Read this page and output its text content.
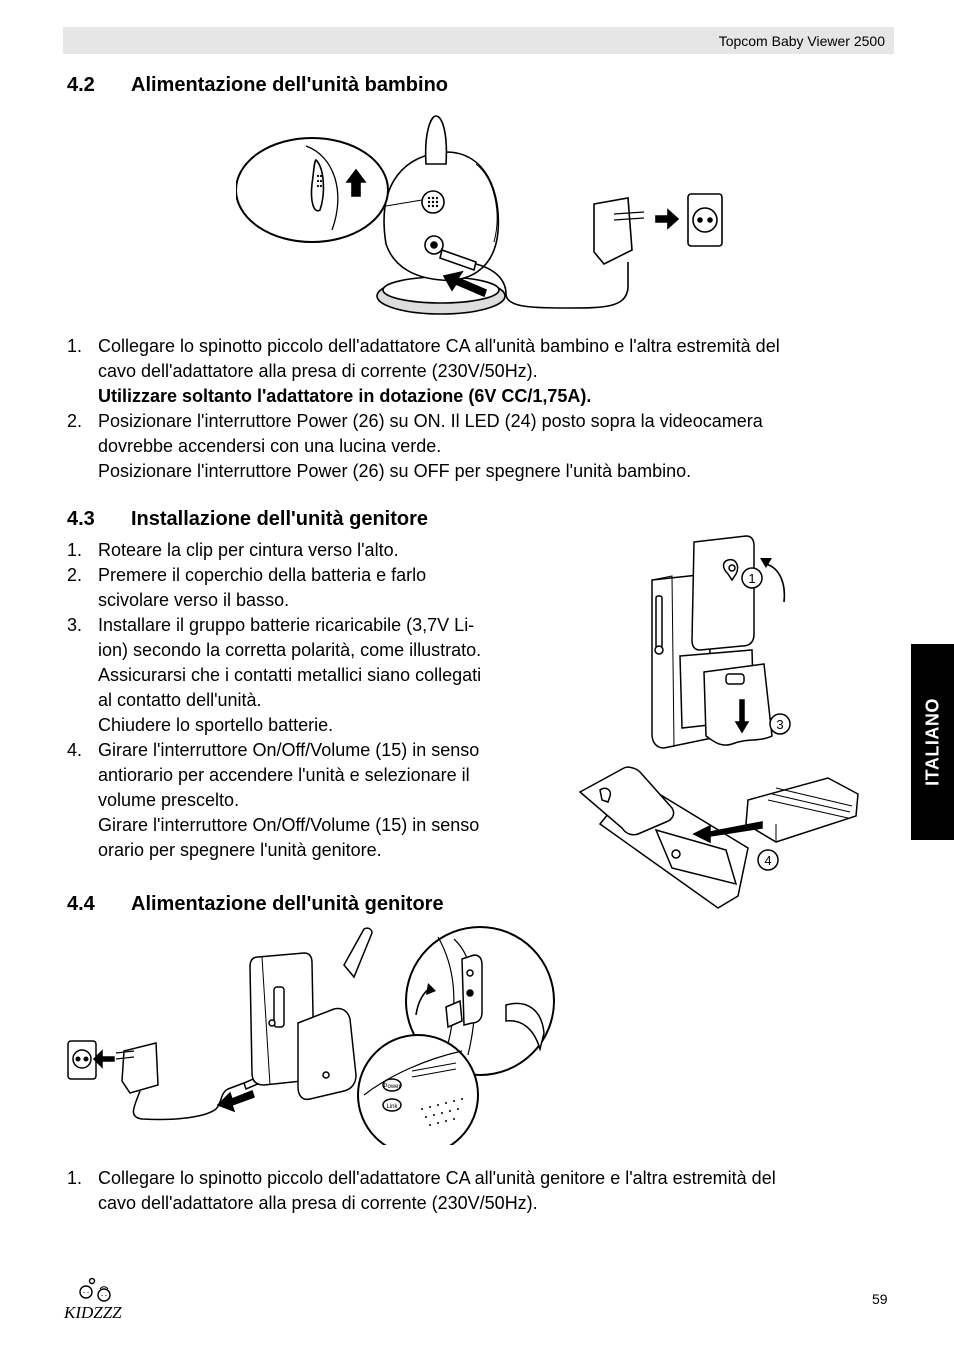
Topcom Baby Viewer 2500
ITALIANO
4.2 Alimentazione dell'unità bambino
1. Collegare lo spinotto piccolo dell'adattatore CA all'unità bambino e l'altra estremità del
cavo dell'adattatore alla presa di corrente (230V/50Hz).
Utilizzare soltanto l'adattatore in dotazione (6V CC/1,75A).
2. Posizionare l'interruttore Power (26) su ON. Il LED (24) posto sopra la videocamera
dovrebbe accendersi con una lucina verde.
Posizionare l'interruttore Power (26) su OFF per spegnere l'unità bambino.
4.3 Installazione dell'unità genitore
1. Roteare la clip per cintura verso l'alto.
2. Premere il coperchio della batteria e farlo
scivolare verso il basso.
3. Installare il gruppo batterie ricaricabile (3,7V Li-
ion) secondo la corretta polarità, come illustrato.
Assicurarsi che i contatti metallici siano collegati
al contatto dell'unità.
Chiudere lo sportello batterie.
4. Girare l'interruttore On/Off/Volume (15) in senso
antiorario per accendere l'unità e selezionare il
volume prescelto.
Girare l'interruttore On/Off/Volume (15) in senso
orario per spegnere l'unità genitore.
1
3
4
4.4 Alimentazione dell'unità genitore
Power
Link
1. Collegare lo spinotto piccolo dell'adattatore CA all'unità genitore e l'altra estremità del
cavo dell'adattatore alla presa di corrente (230V/50Hz).
KIDZZZ
59
